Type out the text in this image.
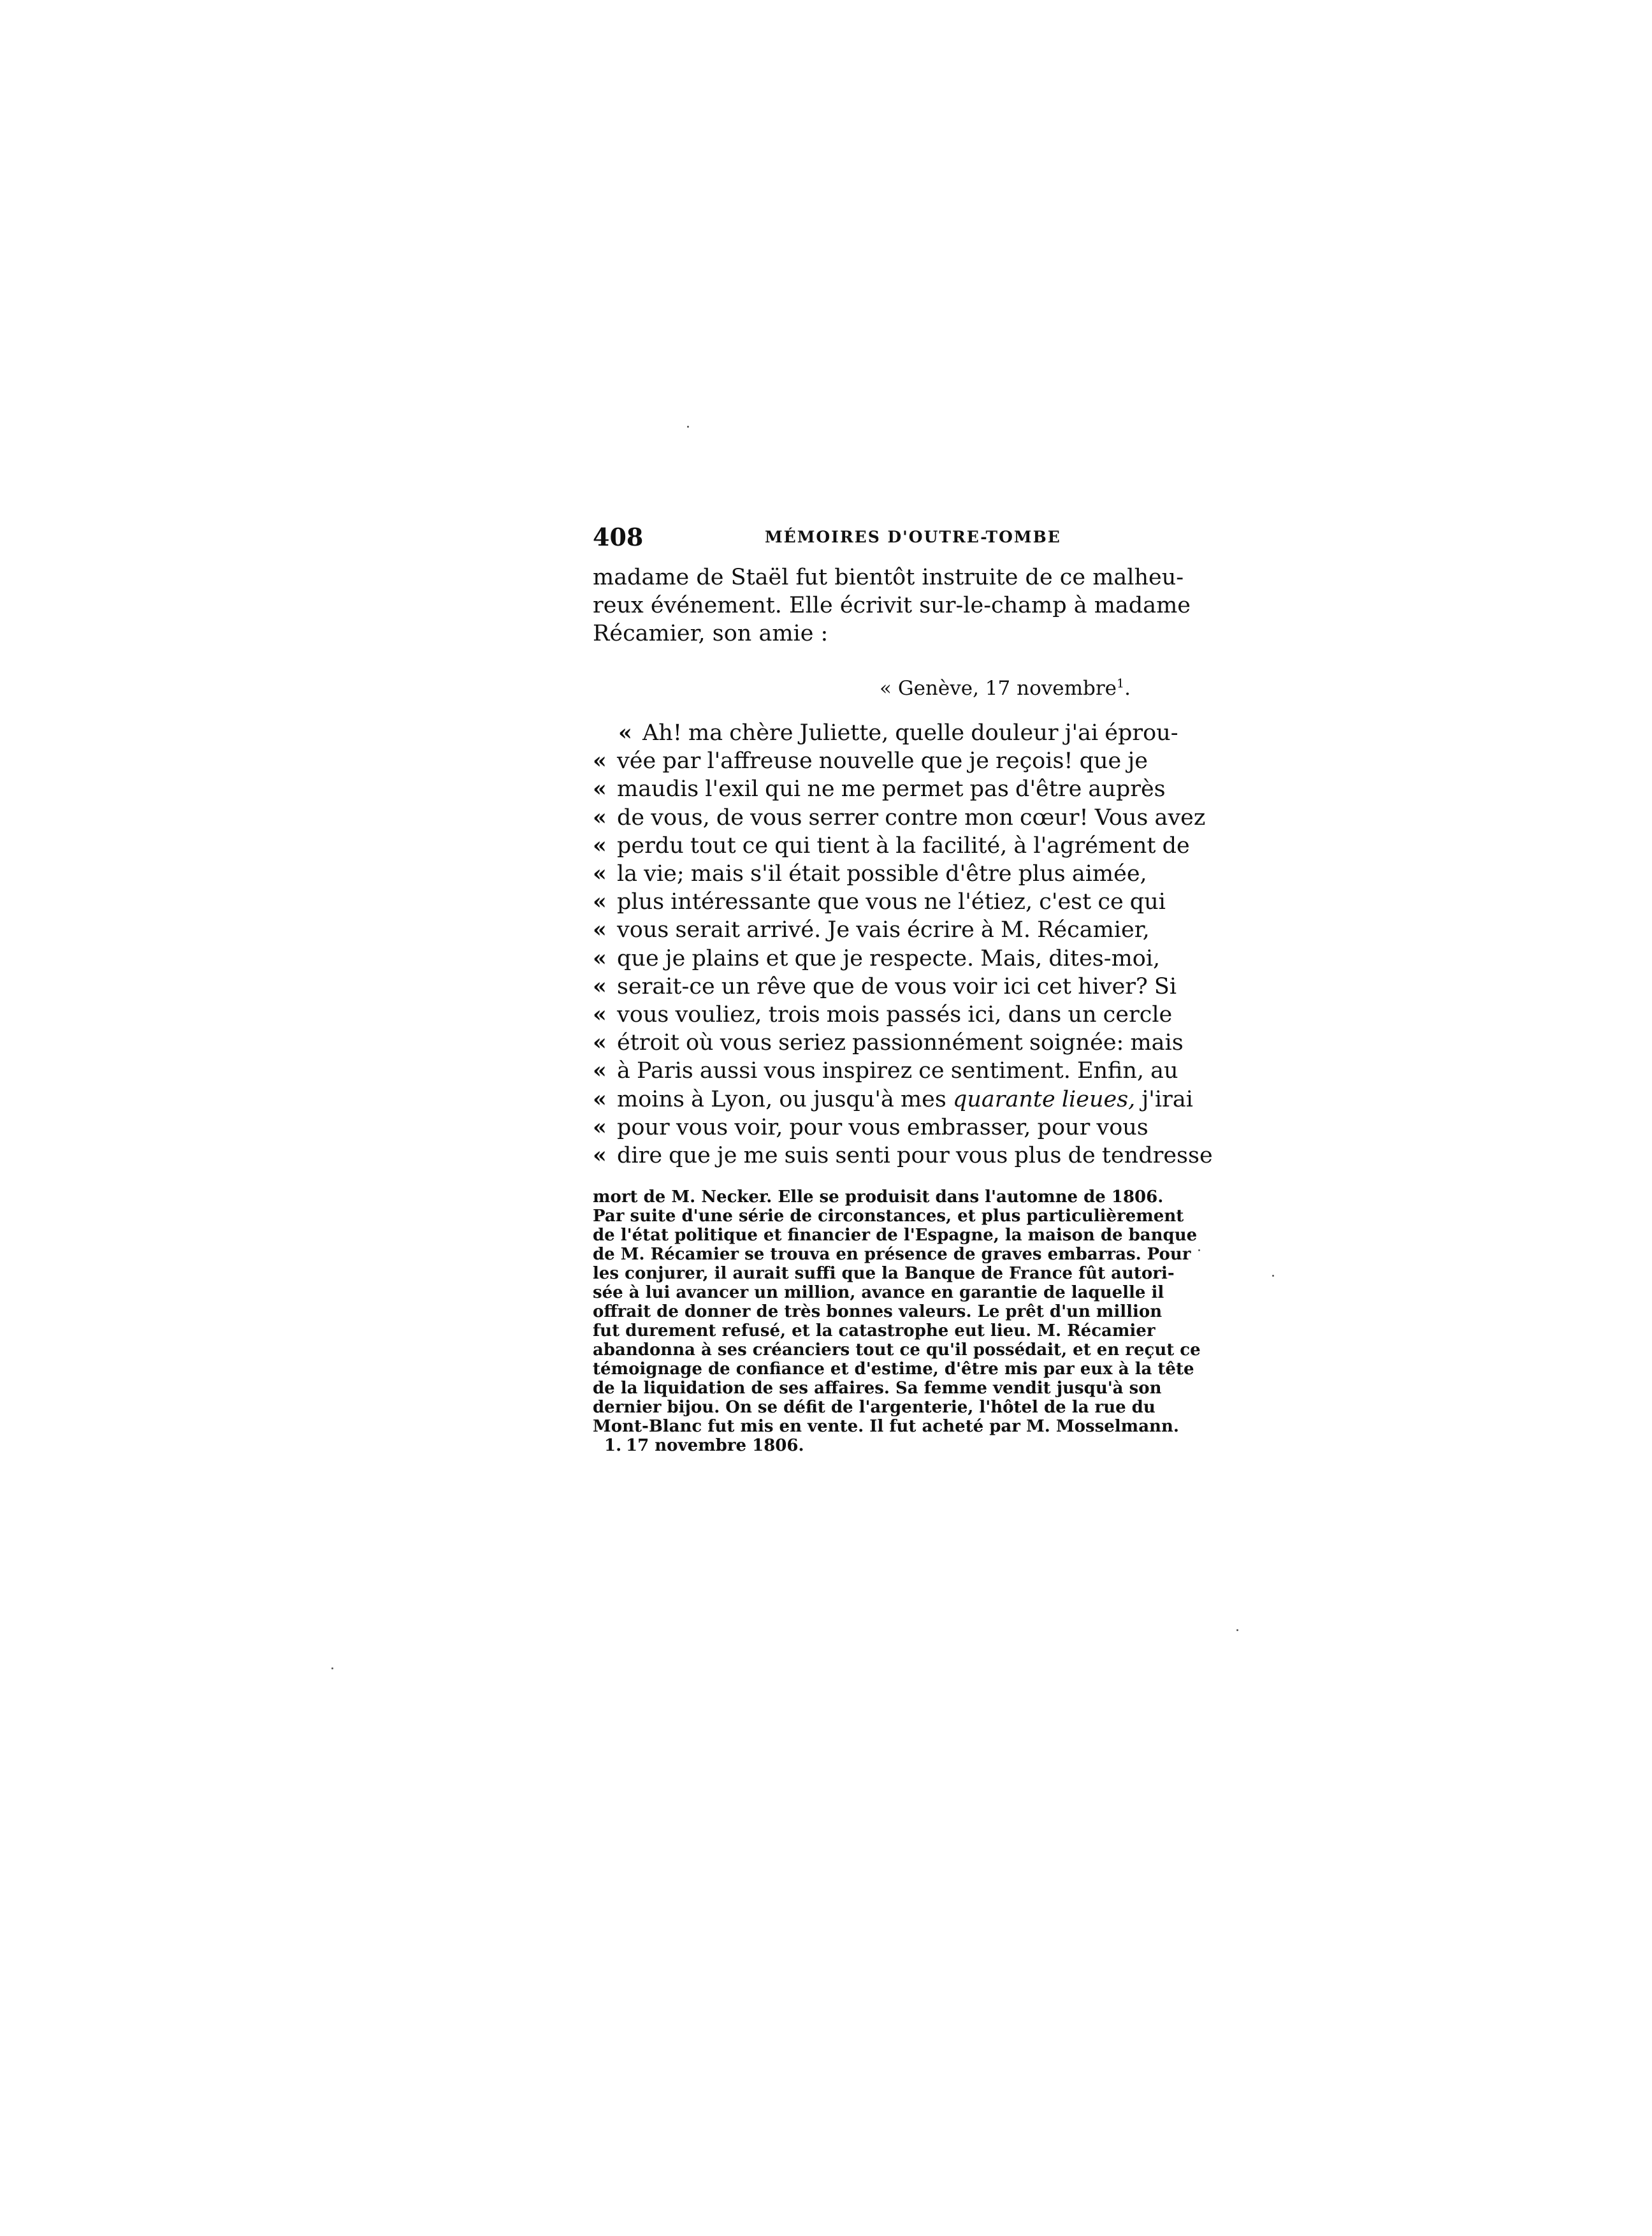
408	MÉMOIRES D'OUTRE-TOMBE

madame de Staël fut bientôt instruite de ce malheu-

reux événement. Elle écrivit sur-le-champ à madame

Récamier, son amie :

« Genève, 17 novembre$^1$.

« Ah! ma chère Juliette, quelle douleur j'ai éprou-

« vée par l'affreuse nouvelle que je reçois! que je

« maudis l'exil qui ne me permet pas d'être auprès

« de vous, de vous serrer contre mon cœur! Vous avez

« perdu tout ce qui tient à la facilité, à l'agrément de

« la vie; mais s'il était possible d'être plus aimée,

« plus intéressante que vous ne l'étiez, c'est ce qui

« vous serait arrivé. Je vais écrire à M. Récamier,

« que je plains et que je respecte. Mais, dites-moi,

« serait-ce un rêve que de vous voir ici cet hiver? Si

« vous vouliez, trois mois passés ici, dans un cercle

« étroit où vous seriez passionnément soignée: mais

« à Paris aussi vous inspirez ce sentiment. Enfin, au

« moins à Lyon, ou jusqu'à mes quarante lieues, j'irai

« pour vous voir, pour vous embrasser, pour vous

« dire que je me suis senti pour vous plus de tendresse

mort de M. Necker. Elle se produisit dans l'automne de 1806.

Par suite d'une série de circonstances, et plus particulièrement

de l'état politique et financier de l'Espagne, la maison de banque

de M. Récamier se trouva en présence de graves embarras. Pour

les conjurer, il aurait suffi que la Banque de France fût autori-

sée à lui avancer un million, avance en garantie de laquelle il

offrait de donner de très bonnes valeurs. Le prêt d'un million

fut durement refusé, et la catastrophe eut lieu. M. Récamier

abandonna à ses créanciers tout ce qu'il possédait, et en reçut ce

témoignage de confiance et d'estime, d'être mis par eux à la tête

de la liquidation de ses affaires. Sa femme vendit jusqu'à son

dernier bijou. On se défit de l'argenterie, l'hôtel de la rue du

Mont-Blanc fut mis en vente. Il fut acheté par M. Mosselmann.

1. 17 novembre 1806.
